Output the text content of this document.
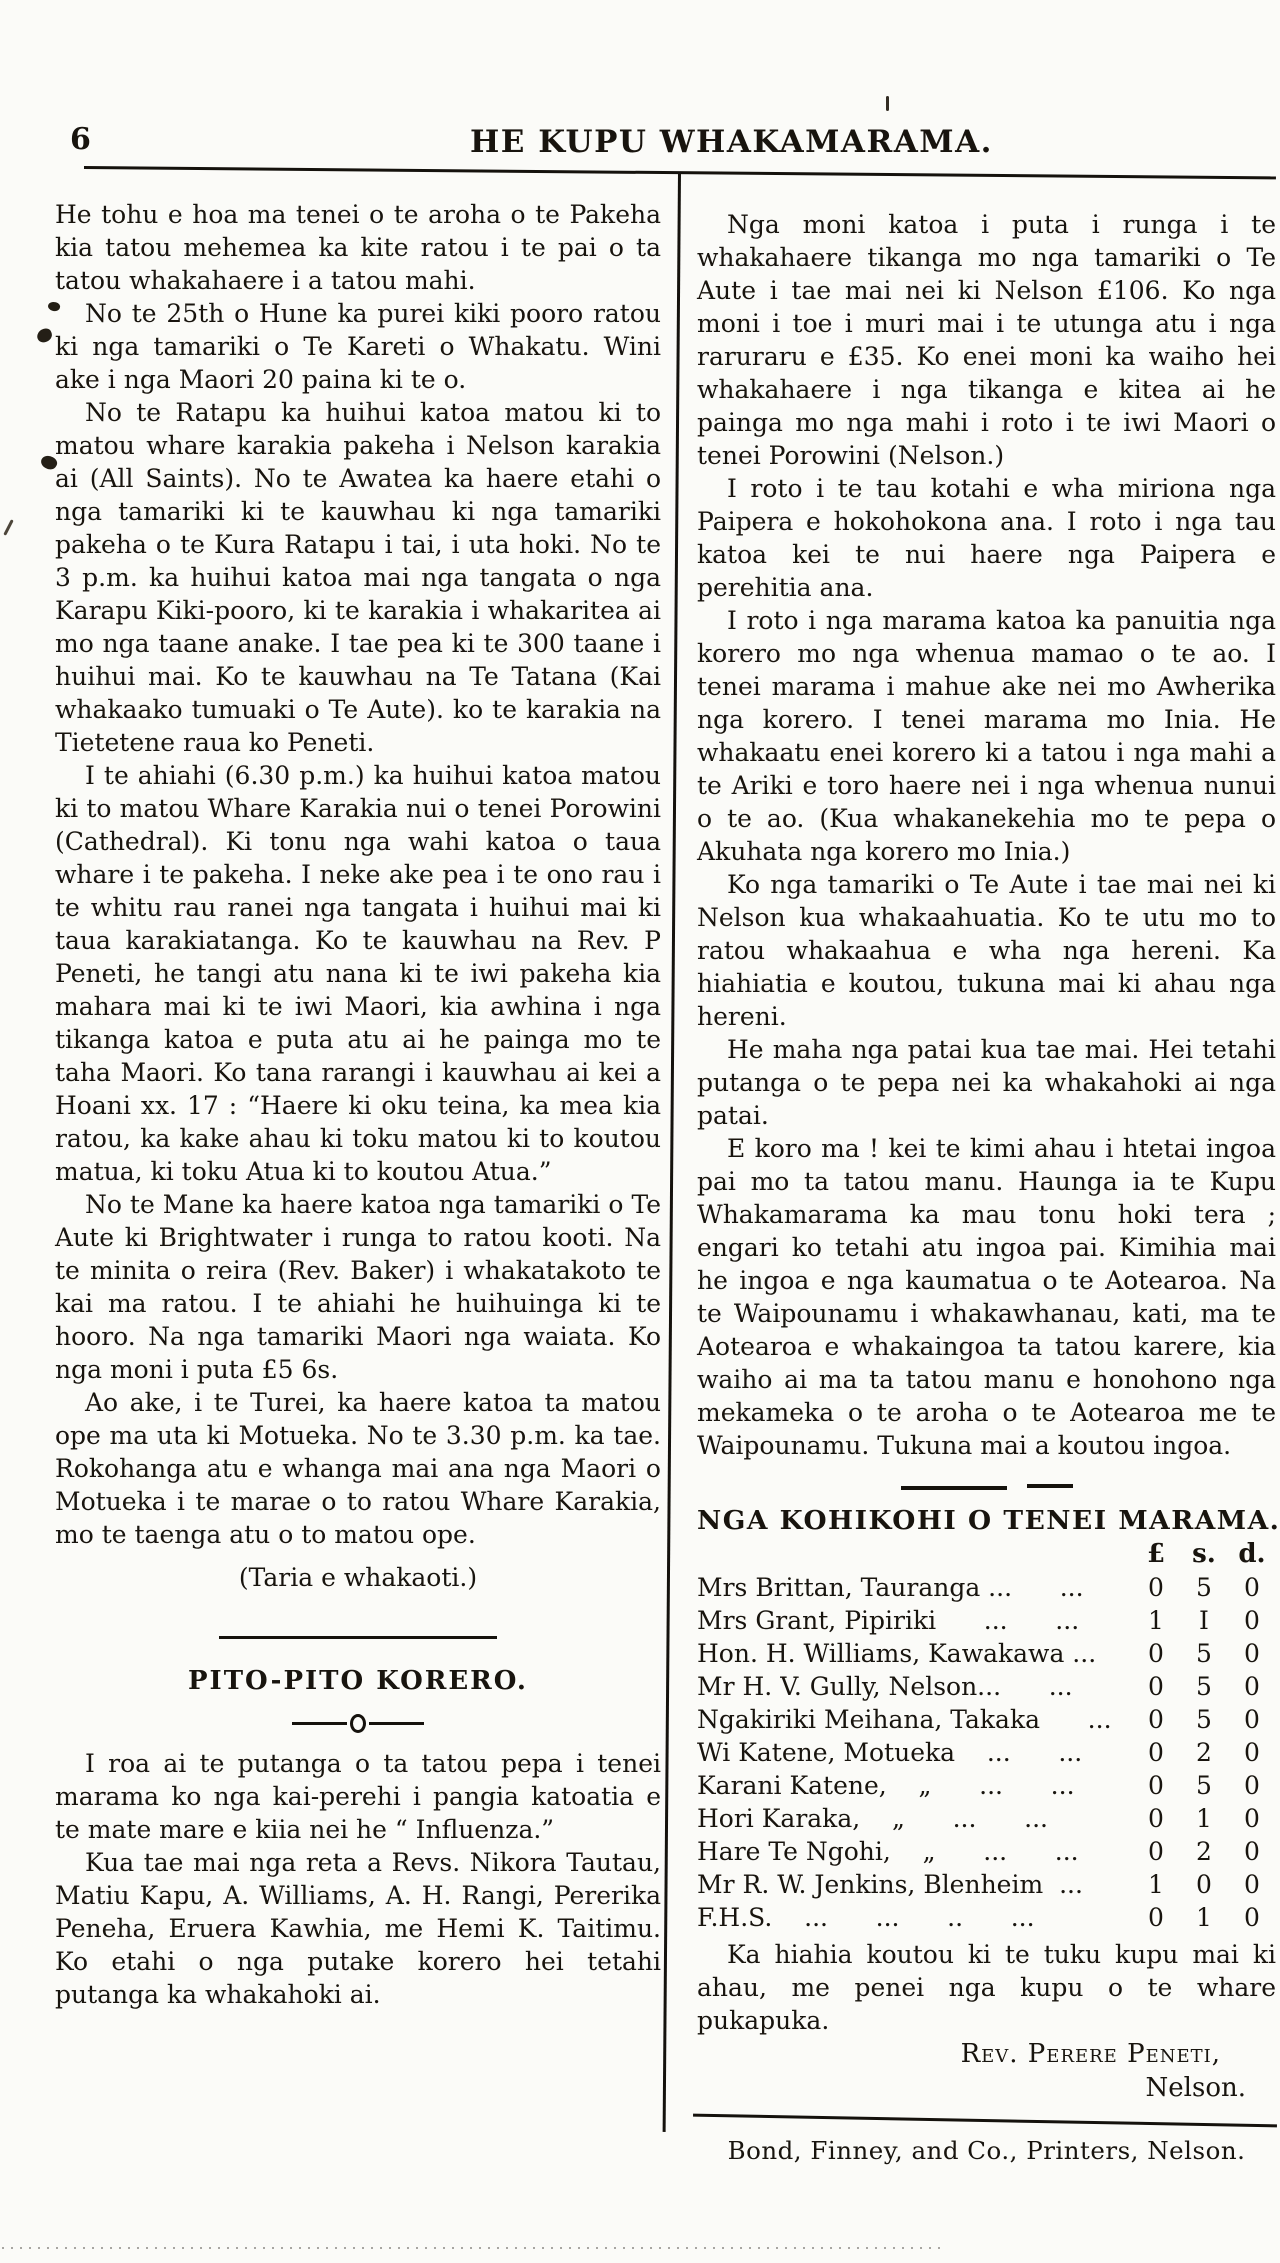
6	HE KUPU WHAKAMARAMA.

He tohu e hoa ma tenei o te aroha o te Pakeha kia tatou mehemea ka kite ratou i te pai o ta tatou whakahaere i a tatou mahi.

No te 25th o Hune ka purei kiki pooro ratou ki nga tamariki o Te Kareti o Whakatu. Wini ake i nga Maori 20 paina ki te o.

No te Ratapu ka huihui katoa matou ki to matou whare karakia pakeha i Nelson karakia ai (All Saints). No te Awatea ka haere etahi o nga tamariki ki te kauwhau ki nga tamariki pakeha o te Kura Ratapu i tai, i uta hoki. No te 3 p.m. ka huihui katoa mai nga tangata o nga Karapu Kiki-pooro, ki te karakia i whakaritea ai mo nga taane anake. I tae pea ki te 300 taane i huihui mai. Ko te kauwhau na Te Tatana (Kai whakaako tumuaki o Te Aute). ko te karakia na Tietetene raua ko Peneti.

I te ahiahi (6.30 p.m.) ka huihui katoa matou ki to matou Whare Karakia nui o tenei Porowini (Cathedral). Ki tonu nga wahi katoa o taua whare i te pakeha. I neke ake pea i te ono rau i te whitu rau ranei nga tangata i huihui mai ki taua karakiatanga. Ko te kauwhau na Rev. P Peneti, he tangi atu nana ki te iwi pakeha kia mahara mai ki te iwi Maori, kia awhina i nga tikanga katoa e puta atu ai he painga mo te taha Maori. Ko tana rarangi i kauwhau ai kei a Hoani xx. 17 : “Haere ki oku teina, ka mea kia ratou, ka kake ahau ki toku matou ki to koutou matua, ki toku Atua ki to koutou Atua.”

No te Mane ka haere katoa nga tamariki o Te Aute ki Brightwater i runga to ratou kooti. Na te minita o reira (Rev. Baker) i whakatakoto te kai ma ratou. I te ahiahi he huihuinga ki te hooro. Na nga tamariki Maori nga waiata. Ko nga moni i puta £5 6s.

Ao ake, i te Turei, ka haere katoa ta matou ope ma uta ki Motueka. No te 3.30 p.m. ka tae. Rokohanga atu e whanga mai ana nga Maori o Motueka i te marae o to ratou Whare Karakia, mo te taenga atu o to matou ope.

(Taria e whakaoti.)

PITO-PITO KORERO.

I roa ai te putanga o ta tatou pepa i tenei marama ko nga kai-perehi i pangia katoatia e te mate mare e kiia nei he “ Influenza.”

Kua tae mai nga reta a Revs. Nikora Tautau, Matiu Kapu, A. Williams, A. H. Rangi, Pererika Peneha, Eruera Kawhia, me Hemi K. Taitimu. Ko etahi o nga putake korero hei tetahi putanga ka whakahoki ai.

Nga moni katoa i puta i runga i te whakahaere tikanga mo nga tamariki o Te Aute i tae mai nei ki Nelson £106. Ko nga moni i toe i muri mai i te utunga atu i nga raruraru e £35. Ko enei moni ka waiho hei whakahaere i nga tikanga e kitea ai he painga mo nga mahi i roto i te iwi Maori o tenei Porowini (Nelson.)

I roto i te tau kotahi e wha miriona nga Paipera e hokohokona ana. I roto i nga tau katoa kei te nui haere nga Paipera e perehitia ana.

I roto i nga marama katoa ka panuitia nga korero mo nga whenua mamao o te ao. I tenei marama i mahue ake nei mo Awherika nga korero. I tenei marama mo Inia. He whakaatu enei korero ki a tatou i nga mahi a te Ariki e toro haere nei i nga whenua nunui o te ao. (Kua whakanekehia mo te pepa o Akuhata nga korero mo Inia.)

Ko nga tamariki o Te Aute i tae mai nei ki Nelson kua whakaahuatia. Ko te utu mo to ratou whakaahua e wha nga hereni. Ka hiahiatia e koutou, tukuna mai ki ahau nga hereni.

He maha nga patai kua tae mai. Hei tetahi putanga o te pepa nei ka whakahoki ai nga patai.

E koro ma ! kei te kimi ahau i htetai ingoa pai mo ta tatou manu. Haunga ia te Kupu Whakamarama ka mau tonu hoki tera ; engari ko tetahi atu ingoa pai. Kimihia mai he ingoa e nga kaumatua o te Aotearoa. Na te Waipounamu i whakawhanau, kati, ma te Aotearoa e whakaingoa ta tatou karere, kia waiho ai ma ta tatou manu e honohono nga mekameka o te aroha o te Aotearoa me te Waipounamu. Tukuna mai a koutou ingoa.

NGA KOHIKOHI O TENEI MARAMA.
£	s. d.
Mrs Brittan, Tauranga ...      ...	0	5	0
Mrs Grant, Pipiriki      ...      ...	1	I	0
Hon. H. Williams, Kawakawa ...	0	5	0
Mr H. V. Gully, Nelson...      ...	0	5	0
Ngakiriki Meihana, Takaka      ...	0	5	0
Wi Katene, Motueka    ...      ...	0	2	0
Karani Katene,    „      ...      ...	0	5	0
Hori Karaka,    „      ...      ...	0	1	0
Hare Te Ngohi,    „      ...      ...	0	2	0
Mr R. W. Jenkins, Blenheim  ...	1	0	0
F.H.S.    ...      ...      ..      ...	0	1	0

Ka hiahia koutou ki te tuku kupu mai ki ahau, me penei nga kupu o te whare pukapuka.

Rev. Perere Peneti,
Nelson.
Bond, Finney, and Co., Printers, Nelson.
